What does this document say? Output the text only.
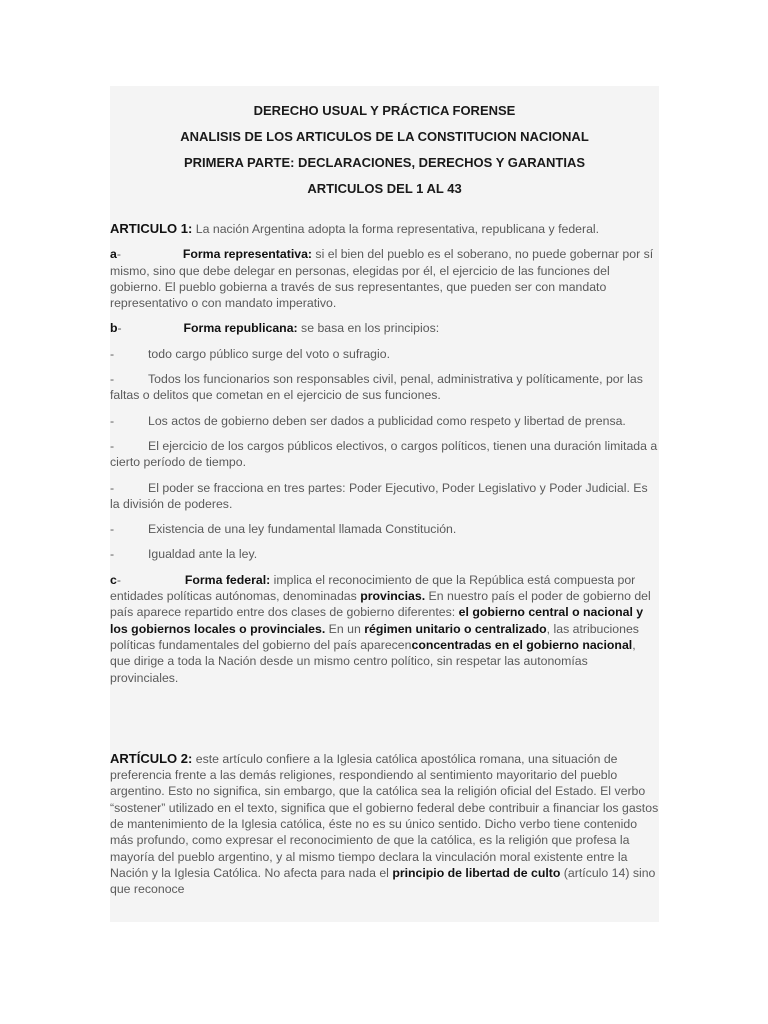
DERECHO USUAL Y PRÁCTICA FORENSE

ANALISIS DE LOS ARTICULOS DE LA CONSTITUCION NACIONAL

PRIMERA PARTE: DECLARACIONES, DERECHOS Y GARANTIAS

ARTICULOS DEL 1 AL 43

ARTICULO 1: La nación Argentina adopta la forma representativa, republicana y federal.

a-	Forma representativa: si el bien del pueblo es el soberano, no puede gobernar por sí mismo, sino que debe delegar en personas, elegidas por él, el ejercicio de las funciones del gobierno. El pueblo gobierna a través de sus representantes, que pueden ser con mandato representativo o con mandato imperativo.

b-	Forma republicana: se basa en los principios:

-	todo cargo público surge del voto o sufragio.

-	Todos los funcionarios son responsables civil, penal, administrativa y políticamente, por las faltas o delitos que cometan en el ejercicio de sus funciones.

-	Los actos de gobierno deben ser dados a publicidad como respeto y libertad de prensa.

-	El ejercicio de los cargos públicos electivos, o cargos políticos, tienen una duración limitada a cierto período de tiempo.

-	El poder se fracciona en tres partes: Poder Ejecutivo, Poder Legislativo y Poder Judicial. Es la división de poderes.

-	Existencia de una ley fundamental llamada Constitución.

-	Igualdad ante la ley.

c-	Forma federal: implica el reconocimiento de que la República está compuesta por entidades políticas autónomas, denominadas provincias. En nuestro país el poder de gobierno del país aparece repartido entre dos clases de gobierno diferentes: el gobierno central o nacional y los gobiernos locales o provinciales. En un régimen unitario o centralizado, las atribuciones políticas fundamentales del gobierno del país aparecenconcentradas en el gobierno nacional, que dirige a toda la Nación desde un mismo centro político, sin respetar las autonomías provinciales.

ARTÍCULO 2: este artículo confiere a la Iglesia católica apostólica romana, una situación de preferencia frente a las demás religiones, respondiendo al sentimiento mayoritario del pueblo argentino. Esto no significa, sin embargo, que la católica sea la religión oficial del Estado. El verbo “sostener” utilizado en el texto, significa que el gobierno federal debe contribuir a financiar los gastos de mantenimiento de la Iglesia católica, éste no es su único sentido. Dicho verbo tiene contenido más profundo, como expresar el reconocimiento de que la católica, es la religión que profesa la mayoría del pueblo argentino, y al mismo tiempo declara la vinculación moral existente entre la Nación y la Iglesia Católica. No afecta para nada el principio de libertad de culto (artículo 14) sino que reconoce
